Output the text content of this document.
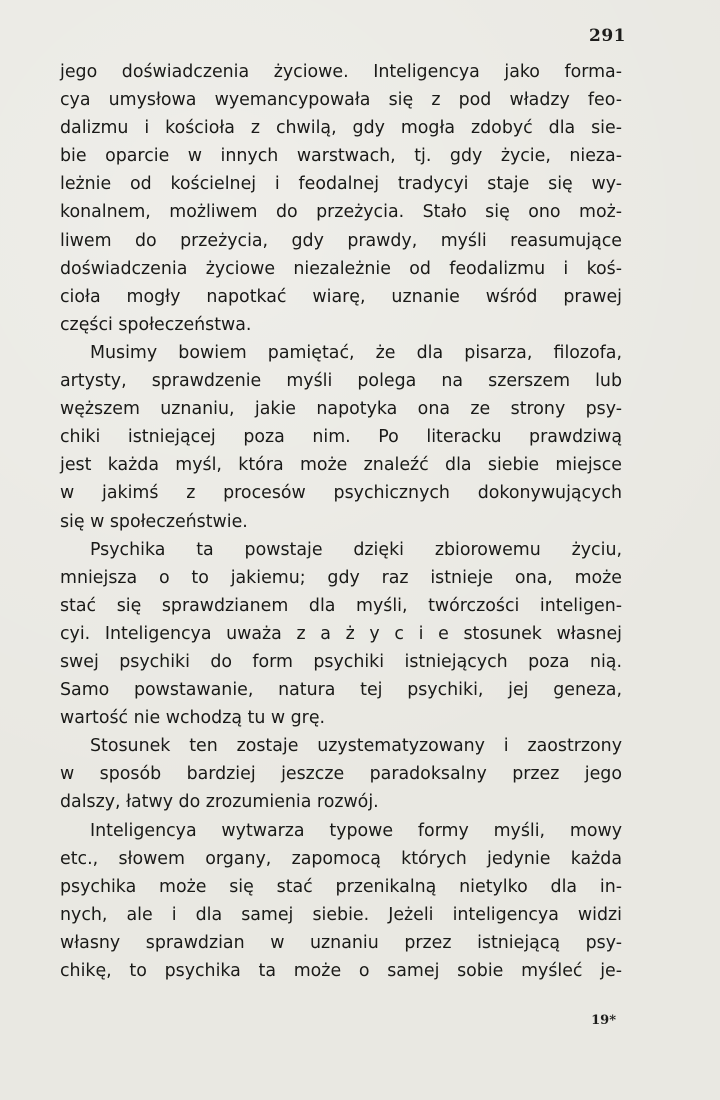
291
jego doświadczenia życiowe. Inteligencya jako forma-
cya umysłowa wyemancypowała się z pod władzy feo-
dalizmu i kościoła z chwilą, gdy mogła zdobyć dla sie-
bie oparcie w innych warstwach, tj. gdy życie, nieza-
leżnie od kościelnej i feodalnej tradycyi staje się wy-
konalnem, możliwem do przeżycia. Stało się ono moż-
liwem do przeżycia, gdy prawdy, myśli reasumujące
doświadczenia życiowe niezależnie od feodalizmu i koś-
cioła mogły napotkać wiarę, uznanie wśród prawej
części społeczeństwa.
Musimy bowiem pamiętać, że dla pisarza, filozofa,
artysty, sprawdzenie myśli polega na szerszem lub
węższem uznaniu, jakie napotyka ona ze strony psy-
chiki istniejącej poza nim. Po literacku prawdziwą
jest każda myśl, która może znaleźć dla siebie miejsce
w jakimś z procesów psychicznych dokonywujących
się w społeczeństwie.
Psychika ta powstaje dzięki zbiorowemu życiu,
mniejsza o to jakiemu; gdy raz istnieje ona, może
stać się sprawdzianem dla myśli, twórczości inteligen-
cyi. Inteligencya uważa z a ż y c i e stosunek własnej
swej psychiki do form psychiki istniejących poza nią.
Samo powstawanie, natura tej psychiki, jej geneza,
wartość nie wchodzą tu w grę.
Stosunek ten zostaje uzystematyzowany i zaostrzony
w sposób bardziej jeszcze paradoksalny przez jego
dalszy, łatwy do zrozumienia rozwój.
Inteligencya wytwarza typowe formy myśli, mowy
etc., słowem organy, zapomocą których jedynie każda
psychika może się stać przenikalną nietylko dla in-
nych, ale i dla samej siebie. Jeżeli inteligencya widzi
własny sprawdzian w uznaniu przez istniejącą psy-
chikę, to psychika ta może o samej sobie myśleć je-
19*
